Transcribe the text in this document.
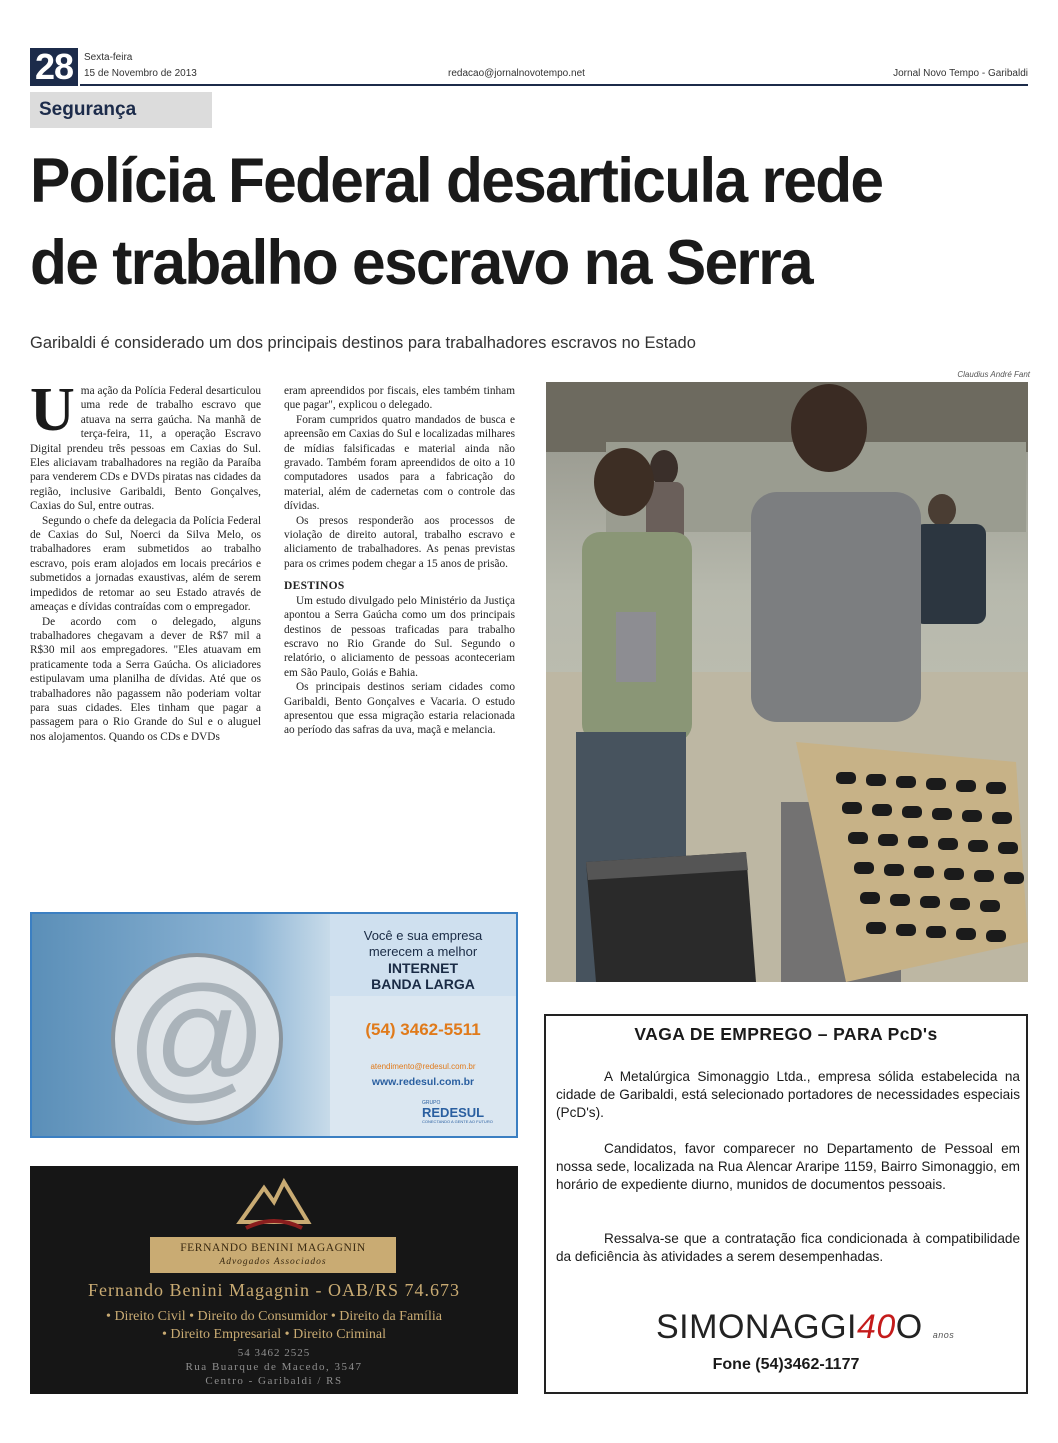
28	Sexta-feira
15 de Novembro de 2013	redacao@jornalnovotempo.net	Jornal Novo Tempo - Garibaldi
Segurança
Polícia Federal desarticula rede
de trabalho escravo na Serra
Garibaldi é considerado um dos principais destinos para trabalhadores escravos no Estado

Uma ação da Polícia Federal desarticulou uma rede de trabalho escravo que atuava na serra gaúcha. Na manhã de terça-feira, 11, a operação Escravo Digital prendeu três pessoas em Caxias do Sul. Eles aliciavam trabalhadores na região da Paraíba para venderem CDs e DVDs piratas nas cidades da região, inclusive Garibaldi, Bento Gonçalves, Caxias do Sul, entre outras.

Segundo o chefe da delegacia da Polícia Federal de Caxias do Sul, Noerci da Silva Melo, os trabalhadores eram submetidos ao trabalho escravo, pois eram alojados em locais precários e submetidos a jornadas exaustivas, além de serem impedidos de retomar ao seu Estado através de ameaças e dívidas contraídas com o empregador.

De acordo com o delegado, alguns trabalhadores chegavam a dever de R$7 mil a R$30 mil aos empregadores. "Eles atuavam em praticamente toda a Serra Gaúcha. Os aliciadores estipulavam uma planilha de dívidas. Até que os trabalhadores não pagassem não poderiam voltar para suas cidades. Eles tinham que pagar a passagem para o Rio Grande do Sul e o aluguel nos alojamentos. Quando os CDs e DVDs

eram apreendidos por fiscais, eles também tinham que pagar", explicou o delegado.

Foram cumpridos quatro mandados de busca e apreensão em Caxias do Sul e localizadas milhares de mídias falsificadas e material ainda não gravado. Também foram apreendidos de oito a 10 computadores usados para a fabricação do material, além de cadernetas com o controle das dívidas.

Os presos responderão aos processos de violação de direito autoral, trabalho escravo e aliciamento de trabalhadores. As penas previstas para os crimes podem chegar a 15 anos de prisão.

DESTINOS

Um estudo divulgado pelo Ministério da Justiça apontou a Serra Gaúcha como um dos principais destinos de pessoas traficadas para trabalho escravo no Rio Grande do Sul. Segundo o relatório, o aliciamento de pessoas aconteceriam em São Paulo, Goiás e Bahia.

Os principais destinos seriam cidades como Garibaldi, Bento Gonçalves e Vacaria. O estudo apresentou que essa migração estaria relacionada ao período das safras da uva, maçã e melancia.

Claudius André Fant
@
Você e sua empresa
merecem a melhor
INTERNET
BANDA LARGA
(54) 3462-5511
atendimento@redesul.com.br
www.redesul.com.br
GRUPO
REDESUL
CONECTANDO A GENTE AO FUTURO
FERNANDO BENINI MAGAGNIN
Advogados Associados
Fernando Benini Magagnin - OAB/RS 74.673
• Direito Civil • Direito do Consumidor • Direito da Família
• Direito Empresarial • Direito Criminal
54 3462 2525
Rua Buarque de Macedo, 3547
Centro - Garibaldi / RS
VAGA DE EMPREGO – PARA PcD's

A Metalúrgica Simonaggio Ltda., empresa sólida estabelecida na cidade de Garibaldi, está selecionado portadores de necessidades especiais (PcD's).

Candidatos, favor comparecer no Departamento de Pessoal em nossa sede, localizada na Rua Alencar Araripe 1159, Bairro Simonaggio, em horário de expediente diurno, munidos de documentos pessoais.

Ressalva-se que a contratação fica condicionada à compatibilidade da deficiência às atividades a serem desempenhadas.

SIMONAGGI40O anos
Fone (54)3462-1177
